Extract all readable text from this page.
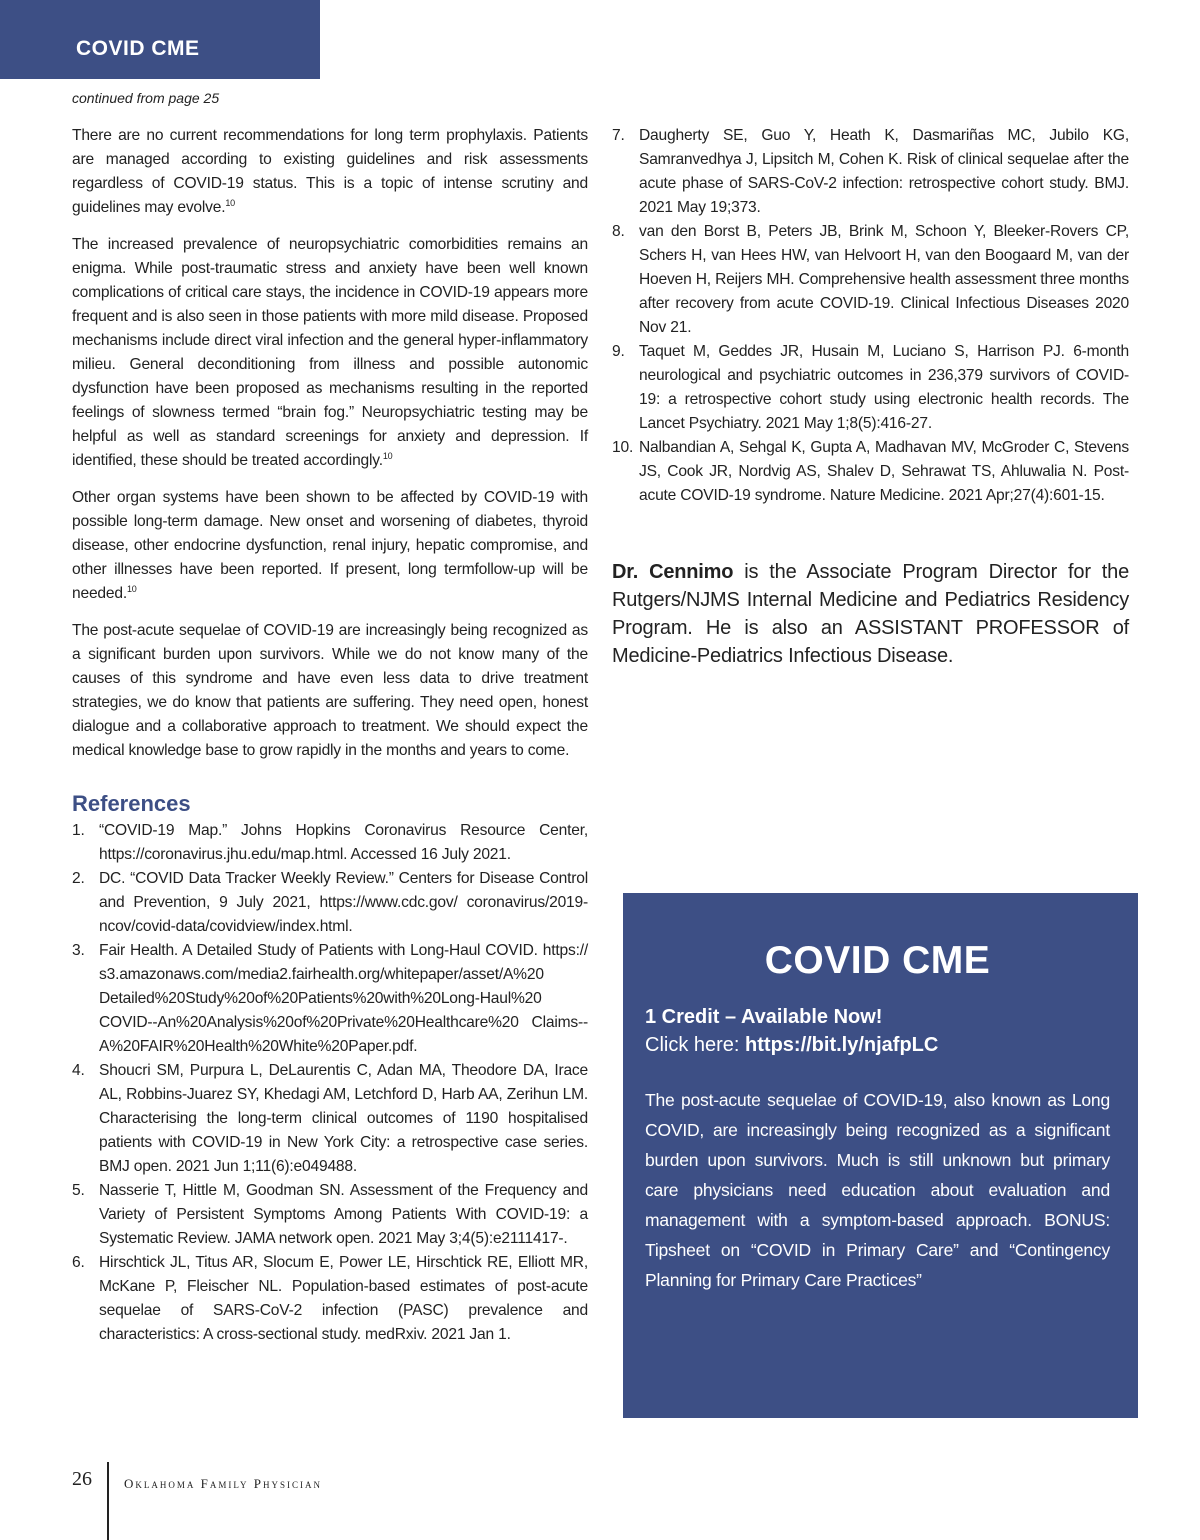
COVID CME
continued from page 25

There are no current recommendations for long term prophylaxis. Patients are managed according to existing guidelines and risk assessments regardless of COVID-19 status. This is a topic of intense scrutiny and guidelines may evolve.$^{10}$

The increased prevalence of neuropsychiatric comorbidities remains an enigma. While post-traumatic stress and anxiety have been well known complications of critical care stays, the incidence in COVID-19 appears more frequent and is also seen in those patients with more mild disease. Proposed mechanisms include direct viral infection and the general hyper-inflammatory milieu. General deconditioning from illness and possible autonomic dysfunction have been proposed as mechanisms resulting in the reported feelings of slowness termed “brain fog.” Neuropsychiatric testing may be helpful as well as standard screenings for anxiety and depression. If identified, these should be treated accordingly.$^{10}$

Other organ systems have been shown to be affected by COVID-19 with possible long-term damage. New onset and worsening of diabetes, thyroid disease, other endocrine dysfunction, renal injury, hepatic compromise, and other illnesses have been reported. If present, long termfollow-up will be needed.$^{10}$

The post-acute sequelae of COVID-19 are increasingly being recognized as a significant burden upon survivors. While we do not know many of the causes of this syndrome and have even less data to drive treatment strategies, we do know that patients are suffering. They need open, honest dialogue and a collaborative approach to treatment. We should expect the medical knowledge base to grow rapidly in the months and years to come.

References
1. “COVID-19 Map.” Johns Hopkins Coronavirus Resource Center, https://coronavirus.jhu.edu/map.html. Accessed 16 July 2021.
2. DC. “COVID Data Tracker Weekly Review.” Centers for Disease Control and Prevention, 9 July 2021, https://www.cdc.gov/ coronavirus/2019-ncov/covid-data/covidview/index.html.
3. Fair Health. A Detailed Study of Patients with Long-Haul COVID. https:// s3.amazonaws.com/media2.fairhealth.org/whitepaper/asset/A%20 Detailed%20Study%20of%20Patients%20with%20Long-Haul%20 COVID--An%20Analysis%20of%20Private%20Healthcare%20 Claims--A%20FAIR%20Health%20White%20Paper.pdf.
4. Shoucri SM, Purpura L, DeLaurentis C, Adan MA, Theodore DA, Irace AL, Robbins-Juarez SY, Khedagi AM, Letchford D, Harb AA, Zerihun LM. Characterising the long-term clinical outcomes of 1190 hospitalised patients with COVID-19 in New York City: a retrospective case series. BMJ open. 2021 Jun 1;11(6):e049488.
5. Nasserie T, Hittle M, Goodman SN. Assessment of the Frequency and Variety of Persistent Symptoms Among Patients With COVID-19: a Systematic Review. JAMA network open. 2021 May 3;4(5):e2111417-.
6. Hirschtick JL, Titus AR, Slocum E, Power LE, Hirschtick RE, Elliott MR, McKane P, Fleischer NL. Population-based estimates of post-acute sequelae of SARS-CoV-2 infection (PASC) prevalence and characteristics: A cross-sectional study. medRxiv. 2021 Jan 1.
7. Daugherty SE, Guo Y, Heath K, Dasmariñas MC, Jubilo KG, Samranvedhya J, Lipsitch M, Cohen K. Risk of clinical sequelae after the acute phase of SARS-CoV-2 infection: retrospective cohort study. BMJ. 2021 May 19;373.
8. van den Borst B, Peters JB, Brink M, Schoon Y, Bleeker-Rovers CP, Schers H, van Hees HW, van Helvoort H, van den Boogaard M, van der Hoeven H, Reijers MH. Comprehensive health assessment three months after recovery from acute COVID-19. Clinical Infectious Diseases 2020 Nov 21.
9. Taquet M, Geddes JR, Husain M, Luciano S, Harrison PJ. 6-month neurological and psychiatric outcomes in 236,379 survivors of COVID-19: a retrospective cohort study using electronic health records. The Lancet Psychiatry. 2021 May 1;8(5):416-27.
10. Nalbandian A, Sehgal K, Gupta A, Madhavan MV, McGroder C, Stevens JS, Cook JR, Nordvig AS, Shalev D, Sehrawat TS, Ahluwalia N. Post-acute COVID-19 syndrome. Nature Medicine. 2021 Apr;27(4):601-15.

Dr. Cennimo is the Associate Program Director for the Rutgers/NJMS Internal Medicine and Pediatrics Residency Program. He is also an ASSISTANT PROFESSOR of Medicine-Pediatrics Infectious Disease.

COVID CME
1 Credit – Available Now!
Click here: https://bit.ly/njafpLC
The post-acute sequelae of COVID-19, also known as Long COVID, are increasingly being recognized as a significant burden upon survivors. Much is still unknown but primary care physicians need education about evaluation and management with a symptom-based approach. BONUS: Tipsheet on “COVID in Primary Care” and “Contingency Planning for Primary Care Practices”
26 Oklahoma Family Physician
